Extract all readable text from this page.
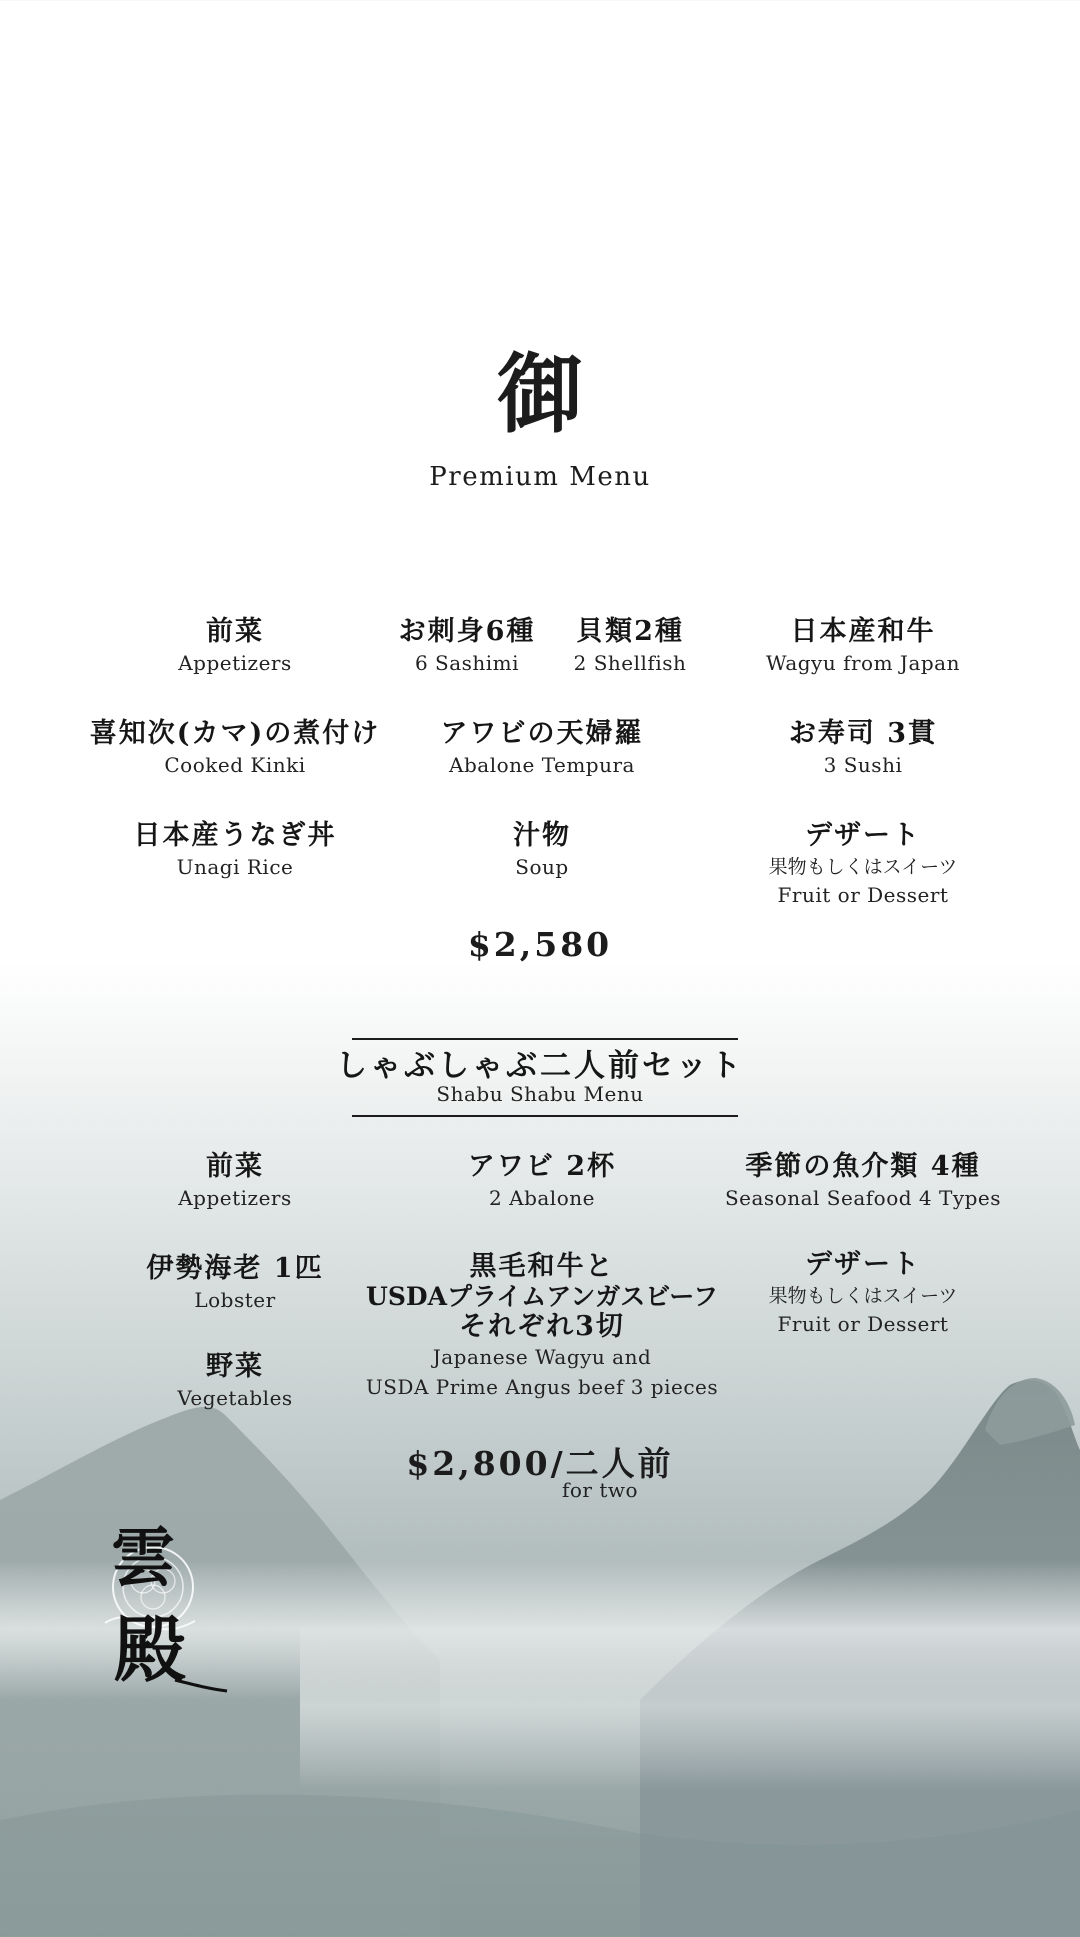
御
Premium Menu
前菜
Appetizers
喜知次(カマ)の煮付け
Cooked Kinki
日本産うなぎ丼
Unagi Rice
お刺身6種
6 Sashimi
貝類2種
2 Shellfish
アワビの天婦羅
Abalone Tempura
汁物
Soup
日本産和牛
Wagyu from Japan
お寿司 3貫
3 Sushi
デザート
果物もしくはスイーツ
Fruit or Dessert
$2,580
しゃぶしゃぶ二人前セット
Shabu Shabu Menu
前菜
Appetizers
伊勢海老 1匹
Lobster
野菜
Vegetables
アワビ 2杯
2 Abalone
黒毛和牛と
USDAプライムアンガスビーフ
それぞれ3切
Japanese Wagyu and
USDA Prime Angus beef 3 pieces
季節の魚介類 4種
Seasonal Seafood 4 Types
デザート
果物もしくはスイーツ
Fruit or Dessert
$2,800/二人前
for two
雲
殿
